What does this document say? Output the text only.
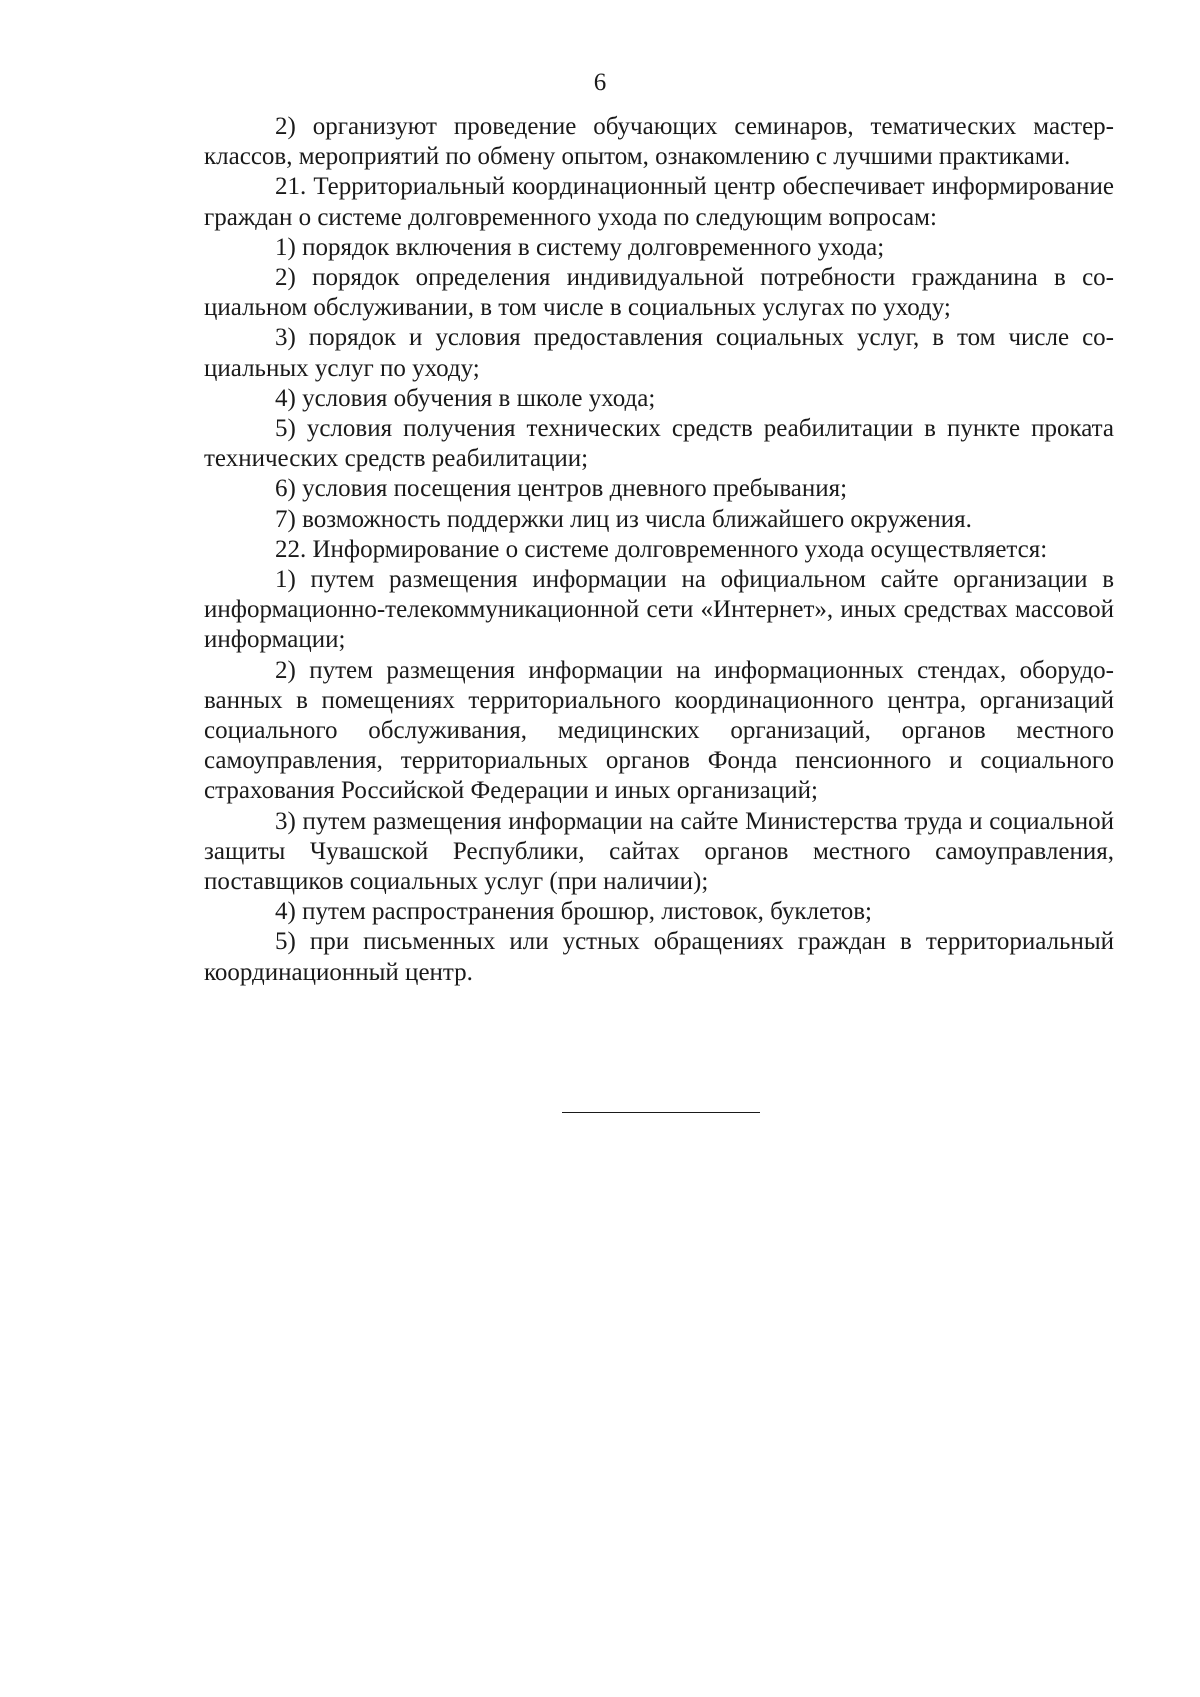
6

2) организуют проведение обучающих семинаров, тематических мастер-классов, мероприятий по обмену опытом, ознакомлению с лучшими практиками.

21. Территориальный координационный центр обеспечивает информирование граждан о системе долговременного ухода по следующим вопросам:

1) порядок включения в систему долговременного ухода;

2) порядок определения индивидуальной потребности гражданина в социальном обслуживании, в том числе в социальных услугах по уходу;

3) порядок и условия предоставления социальных услуг, в том числе социальных услуг по уходу;

4) условия обучения в школе ухода;

5) условия получения технических средств реабилитации в пункте проката технических средств реабилитации;

6) условия посещения центров дневного пребывания;

7) возможность поддержки лиц из числа ближайшего окружения.

22. Информирование о системе долговременного ухода осуществляется:

1) путем размещения информации на официальном сайте организации в информационно-телекоммуникационной сети «Интернет», иных средствах массовой информации;

2) путем размещения информации на информационных стендах, оборудованных в помещениях территориального координационного центра, организаций социального обслуживания, медицинских организаций, органов местного самоуправления, территориальных органов Фонда пенсионного и социального страхования Российской Федерации и иных организаций;

3) путем размещения информации на сайте Министерства труда и социальной защиты Чувашской Республики, сайтах органов местного самоуправления, поставщиков социальных услуг (при наличии);

4) путем распространения брошюр, листовок, буклетов;

5) при письменных или устных обращениях граждан в территориальный координационный центр.
